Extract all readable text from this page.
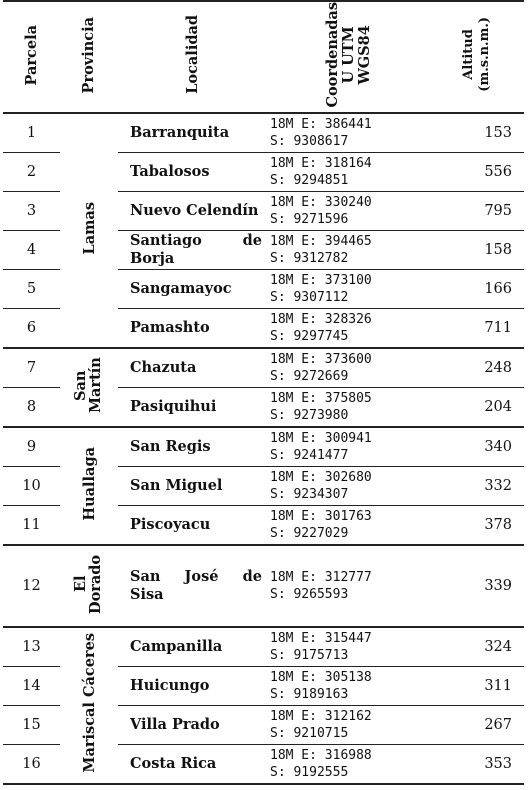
Parcela	Provincia	Localidad	Coordenadas
U UTM
WGS84	Altitud
(m.s.n.m.)
1	Lamas	Barranquita	18M E: 386441
S: 9308617	153
2		Tabalosos	18M E: 318164
S: 9294851	556
3		Nuevo Celendín	18M E: 330240
S: 9271596	795
4		Santiago de Borja	18M E: 394465
S: 9312782	158
5		Sangamayoc	18M E: 373100
S: 9307112	166
6		Pamashto	18M E: 328326
S: 9297745	711
7	San Martín	Chazuta	18M E: 373600
S: 9272669	248
8		Pasiquihui	18M E: 375805
S: 9273980	204
9	Huallaga	San Regis	18M E: 300941
S: 9241477	340
10		San Miguel	18M E: 302680
S: 9234307	332
11		Piscoyacu	18M E: 301763
S: 9227029	378
12	El Dorado	San José de Sisa	18M E: 312777
S: 9265593	339
13	Mariscal Cáceres	Campanilla	18M E: 315447
S: 9175713	324
14		Huicungo	18M E: 305138
S: 9189163	311
15		Villa Prado	18M E: 312162
S: 9210715	267
16		Costa Rica	18M E: 316988
S: 9192555	353
